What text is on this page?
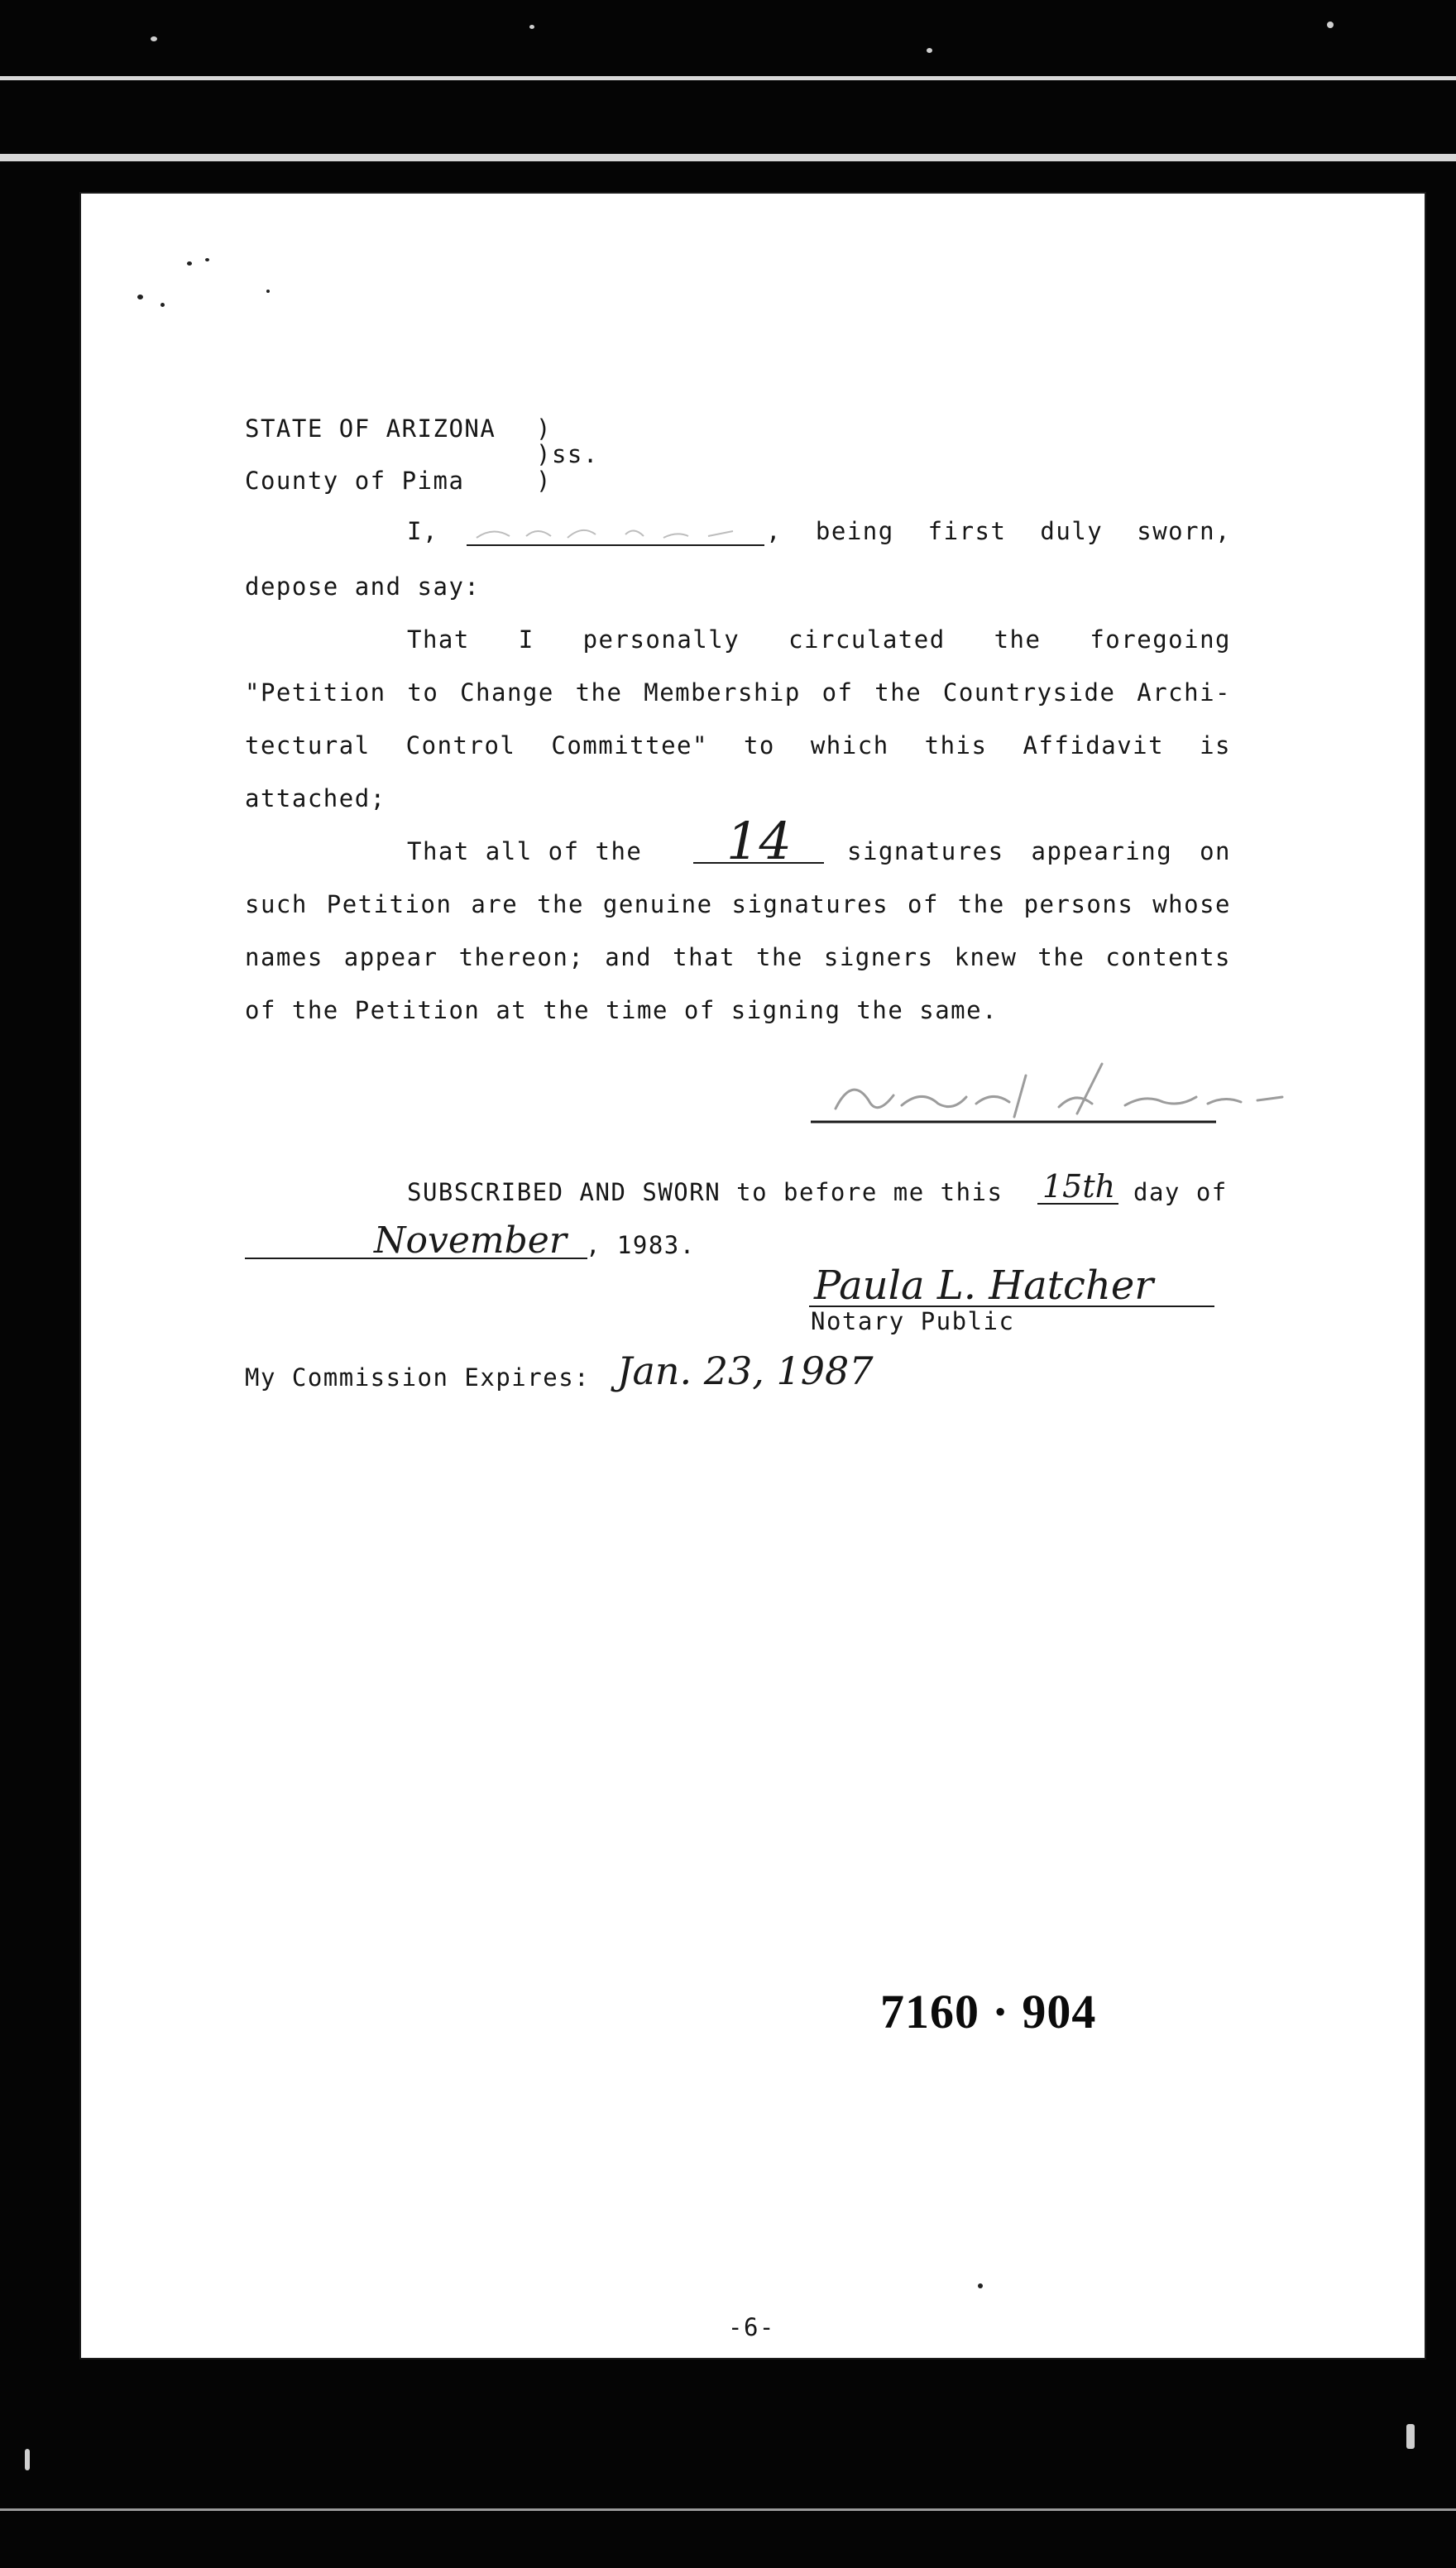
STATE OF ARIZONA )
)ss.
County of Pima	)
I,	, being first duly sworn,
depose and say:
That I personally circulated the foregoing
"Petition to Change the Membership of the Countryside Archi-
tectural Control Committee" to which this Affidavit is
attached;
That all of the 14 signatures appearing on
such Petition are the genuine signatures of the persons whose
names appear thereon; and that the signers knew the contents
of the Petition at the time of signing the same.
SUBSCRIBED AND SWORN to before me this 15th day of
November , 1983.
Paula L. Hatcher
Notary Public
My Commission Expires: Jan. 23, 1987
7160 · 904
-6-
